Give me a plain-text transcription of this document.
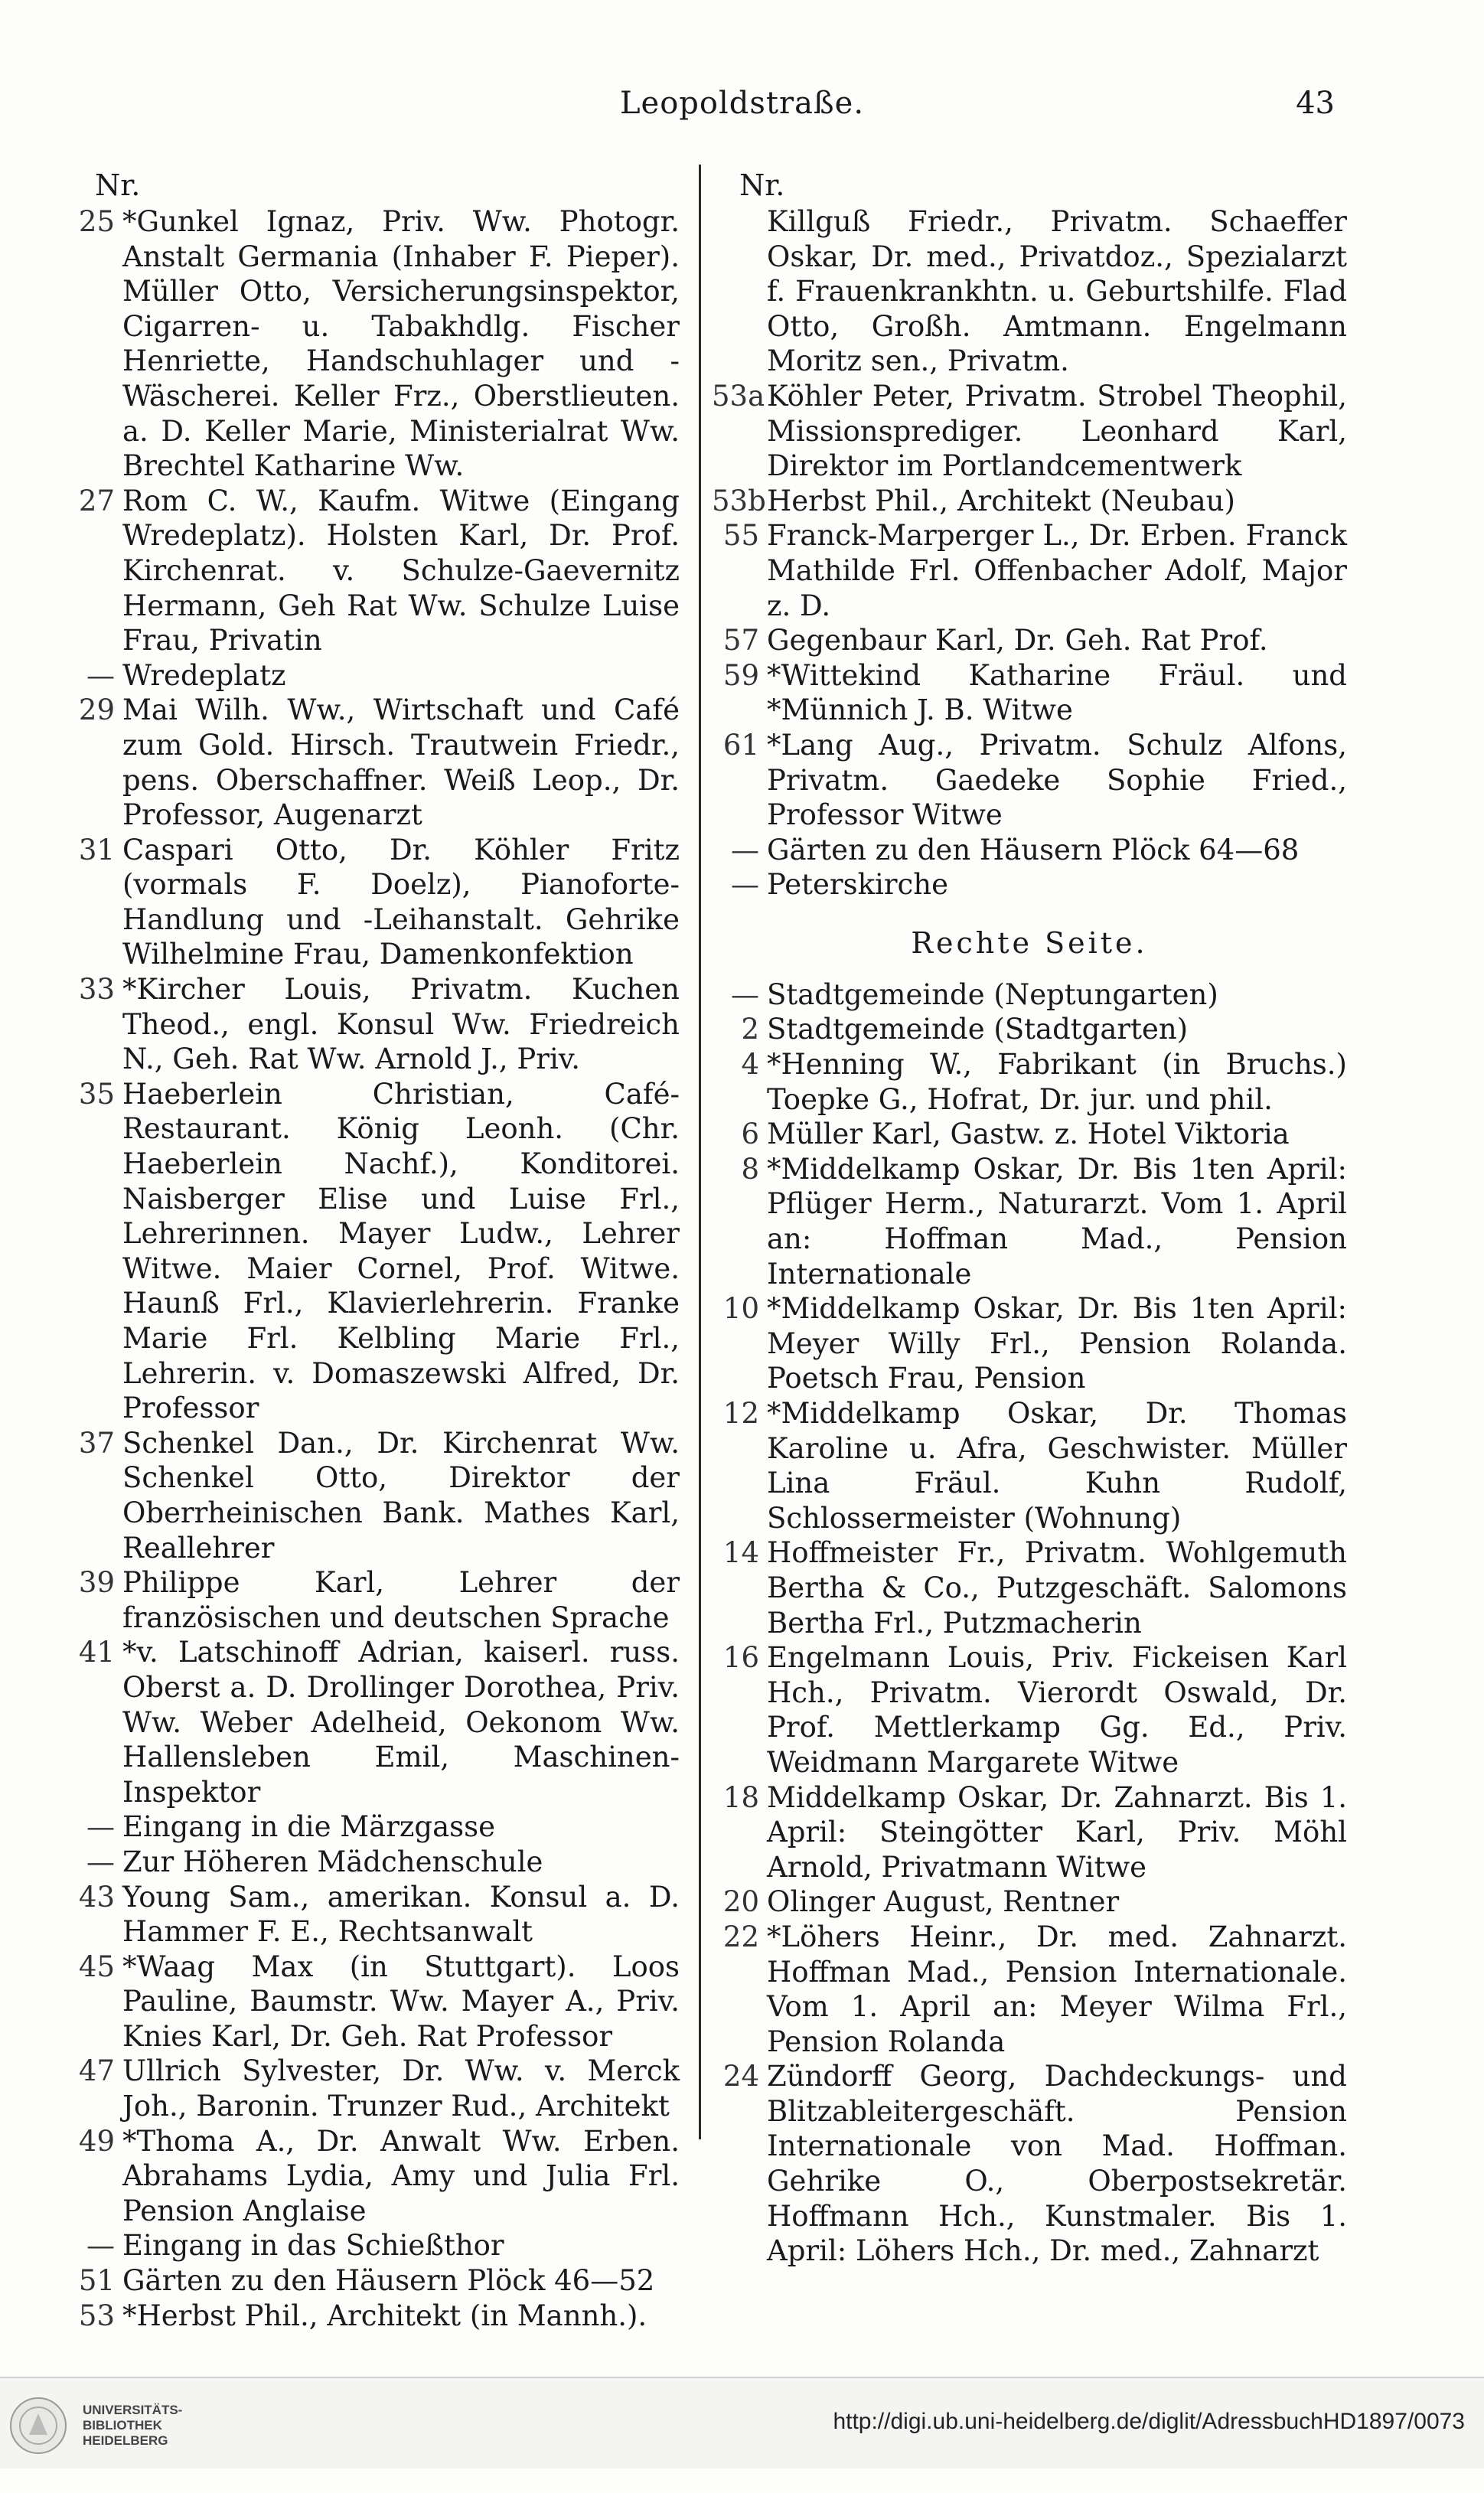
Leopoldstraße.	43
Nr.
25 *Gunkel Ignaz, Priv. Ww. Photogr. Anstalt Germania (Inhaber F. Pieper). Müller Otto, Versicherungsinspektor, Cigarren- u. Tabakhdlg. Fischer Henriette, Handschuhlager und -Wäscherei. Keller Frz., Oberstlieuten. a. D. Keller Marie, Ministerialrat Ww. Brechtel Katharine Ww.
27 Rom C. W., Kaufm. Witwe (Eingang Wredeplatz). Holsten Karl, Dr. Prof. Kirchenrat. v. Schulze-Gaevernitz Hermann, Geh Rat Ww. Schulze Luise Frau, Privatin
— Wredeplatz
29 Mai Wilh. Ww., Wirtschaft und Café zum Gold. Hirsch. Trautwein Friedr., pens. Oberschaffner. Weiß Leop., Dr. Professor, Augenarzt
31 Caspari Otto, Dr. Köhler Fritz (vormals F. Doelz), Pianoforte-Handlung und -Leihanstalt. Gehrike Wilhelmine Frau, Damenkonfektion
33 *Kircher Louis, Privatm. Kuchen Theod., engl. Konsul Ww. Friedreich N., Geh. Rat Ww. Arnold J., Priv.
35 Haeberlein Christian, Café-Restaurant. König Leonh. (Chr. Haeberlein Nachf.), Konditorei. Naisberger Elise und Luise Frl., Lehrerinnen. Mayer Ludw., Lehrer Witwe. Maier Cornel, Prof. Witwe. Haunß Frl., Klavierlehrerin. Franke Marie Frl. Kelbling Marie Frl., Lehrerin. v. Domaszewski Alfred, Dr. Professor
37 Schenkel Dan., Dr. Kirchenrat Ww. Schenkel Otto, Direktor der Oberrheinischen Bank. Mathes Karl, Reallehrer
39 Philippe Karl, Lehrer der französischen und deutschen Sprache
41 *v. Latschinoff Adrian, kaiserl. russ. Oberst a. D. Drollinger Dorothea, Priv. Ww. Weber Adelheid, Oekonom Ww. Hallensleben Emil, Maschinen-Inspektor
— Eingang in die Märzgasse
— Zur Höheren Mädchenschule
43 Young Sam., amerikan. Konsul a. D. Hammer F. E., Rechtsanwalt
45 *Waag Max (in Stuttgart). Loos Pauline, Baumstr. Ww. Mayer A., Priv. Knies Karl, Dr. Geh. Rat Professor
47 Ullrich Sylvester, Dr. Ww. v. Merck Joh., Baronin. Trunzer Rud., Architekt
49 *Thoma A., Dr. Anwalt Ww. Erben. Abrahams Lydia, Amy und Julia Frl. Pension Anglaise
— Eingang in das Schießthor
51 Gärten zu den Häusern Plöck 46—52
53 *Herbst Phil., Architekt (in Mannh.).
Nr.
Killguß Friedr., Privatm. Schaeffer Oskar, Dr. med., Privatdoz., Spezialarzt f. Frauenkrankhtn. u. Geburtshilfe. Flad Otto, Großh. Amtmann. Engelmann Moritz sen., Privatm.
53a Köhler Peter, Privatm. Strobel Theophil, Missionsprediger. Leonhard Karl, Direktor im Portlandcementwerk
53b Herbst Phil., Architekt (Neubau)
55 Franck-Marperger L., Dr. Erben. Franck Mathilde Frl. Offenbacher Adolf, Major z. D.
57 Gegenbaur Karl, Dr. Geh. Rat Prof.
59 *Wittekind Katharine Fräul. und *Münnich J. B. Witwe
61 *Lang Aug., Privatm. Schulz Alfons, Privatm. Gaedeke Sophie Fried., Professor Witwe
— Gärten zu den Häusern Plöck 64—68
— Peterskirche
Rechte Seite.
— Stadtgemeinde (Neptungarten)
2 Stadtgemeinde (Stadtgarten)
4 *Henning W., Fabrikant (in Bruchs.) Toepke G., Hofrat, Dr. jur. und phil.
6 Müller Karl, Gastw. z. Hotel Viktoria
8 *Middelkamp Oskar, Dr. Bis 1ten April: Pflüger Herm., Naturarzt. Vom 1. April an: Hoffman Mad., Pension Internationale
10 *Middelkamp Oskar, Dr. Bis 1ten April: Meyer Willy Frl., Pension Rolanda. Poetsch Frau, Pension
12 *Middelkamp Oskar, Dr. Thomas Karoline u. Afra, Geschwister. Müller Lina Fräul. Kuhn Rudolf, Schlossermeister (Wohnung)
14 Hoffmeister Fr., Privatm. Wohlgemuth Bertha & Co., Putzgeschäft. Salomons Bertha Frl., Putzmacherin
16 Engelmann Louis, Priv. Fickeisen Karl Hch., Privatm. Vierordt Oswald, Dr. Prof. Mettlerkamp Gg. Ed., Priv. Weidmann Margarete Witwe
18 Middelkamp Oskar, Dr. Zahnarzt. Bis 1. April: Steingötter Karl, Priv. Möhl Arnold, Privatmann Witwe
20 Olinger August, Rentner
22 *Löhers Heinr., Dr. med. Zahnarzt. Hoffman Mad., Pension Internationale. Vom 1. April an: Meyer Wilma Frl., Pension Rolanda
24 Zündorff Georg, Dachdeckungs- und Blitzableitergeschäft. Pension Internationale von Mad. Hoffman. Gehrike O., Oberpostsekretär. Hoffmann Hch., Kunstmaler. Bis 1. April: Löhers Hch., Dr. med., Zahnarzt
UNIVERSITÄTS-
BIBLIOTHEK
HEIDELBERG
http://digi.ub.uni-heidelberg.de/diglit/AdressbuchHD1897/0073
